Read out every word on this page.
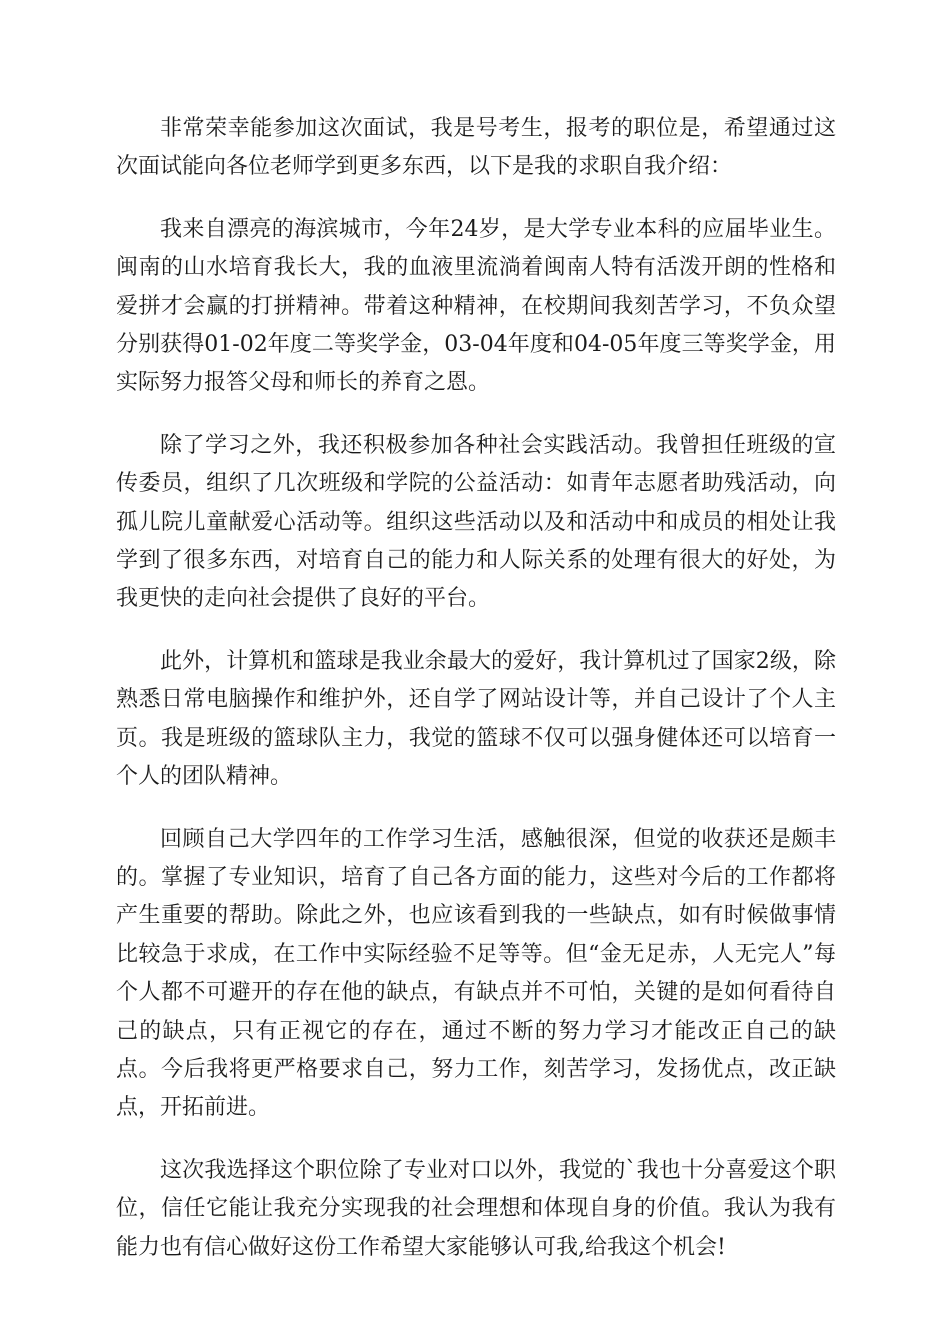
非常荣幸能参加这次面试，我是号考生，报考的职位是，希望通过这次面试能向各位老师学到更多东西，以下是我的求职自我介绍：

我来自漂亮的海滨城市，今年24岁，是大学专业本科的应届毕业生。闽南的山水培育我长大，我的血液里流淌着闽南人特有活泼开朗的性格和爱拼才会赢的打拼精神。带着这种精神，在校期间我刻苦学习，不负众望分别获得01-02年度二等奖学金，03-04年度和04-05年度三等奖学金，用实际努力报答父母和师长的养育之恩。

除了学习之外，我还积极参加各种社会实践活动。我曾担任班级的宣传委员，组织了几次班级和学院的公益活动：如青年志愿者助残活动，向孤儿院儿童献爱心活动等。组织这些活动以及和活动中和成员的相处让我学到了很多东西，对培育自己的能力和人际关系的处理有很大的好处，为我更快的走向社会提供了良好的平台。

此外，计算机和篮球是我业余最大的爱好，我计算机过了国家2级，除熟悉日常电脑操作和维护外，还自学了网站设计等，并自己设计了个人主页。我是班级的篮球队主力，我觉的篮球不仅可以强身健体还可以培育一个人的团队精神。

回顾自己大学四年的工作学习生活，感触很深，但觉的收获还是颇丰的。掌握了专业知识，培育了自己各方面的能力，这些对今后的工作都将产生重要的帮助。除此之外，也应该看到我的一些缺点，如有时候做事情比较急于求成，在工作中实际经验不足等等。但“金无足赤，人无完人”每个人都不可避开的存在他的缺点，有缺点并不可怕，关键的是如何看待自己的缺点，只有正视它的存在，通过不断的努力学习才能改正自己的缺点。今后我将更严格要求自己，努力工作，刻苦学习，发扬优点，改正缺点，开拓前进。

这次我选择这个职位除了专业对口以外，我觉的`我也十分喜爱这个职位，信任它能让我充分实现我的社会理想和体现自身的价值。我认为我有能力也有信心做好这份工作希望大家能够认可我,给我这个机会!
